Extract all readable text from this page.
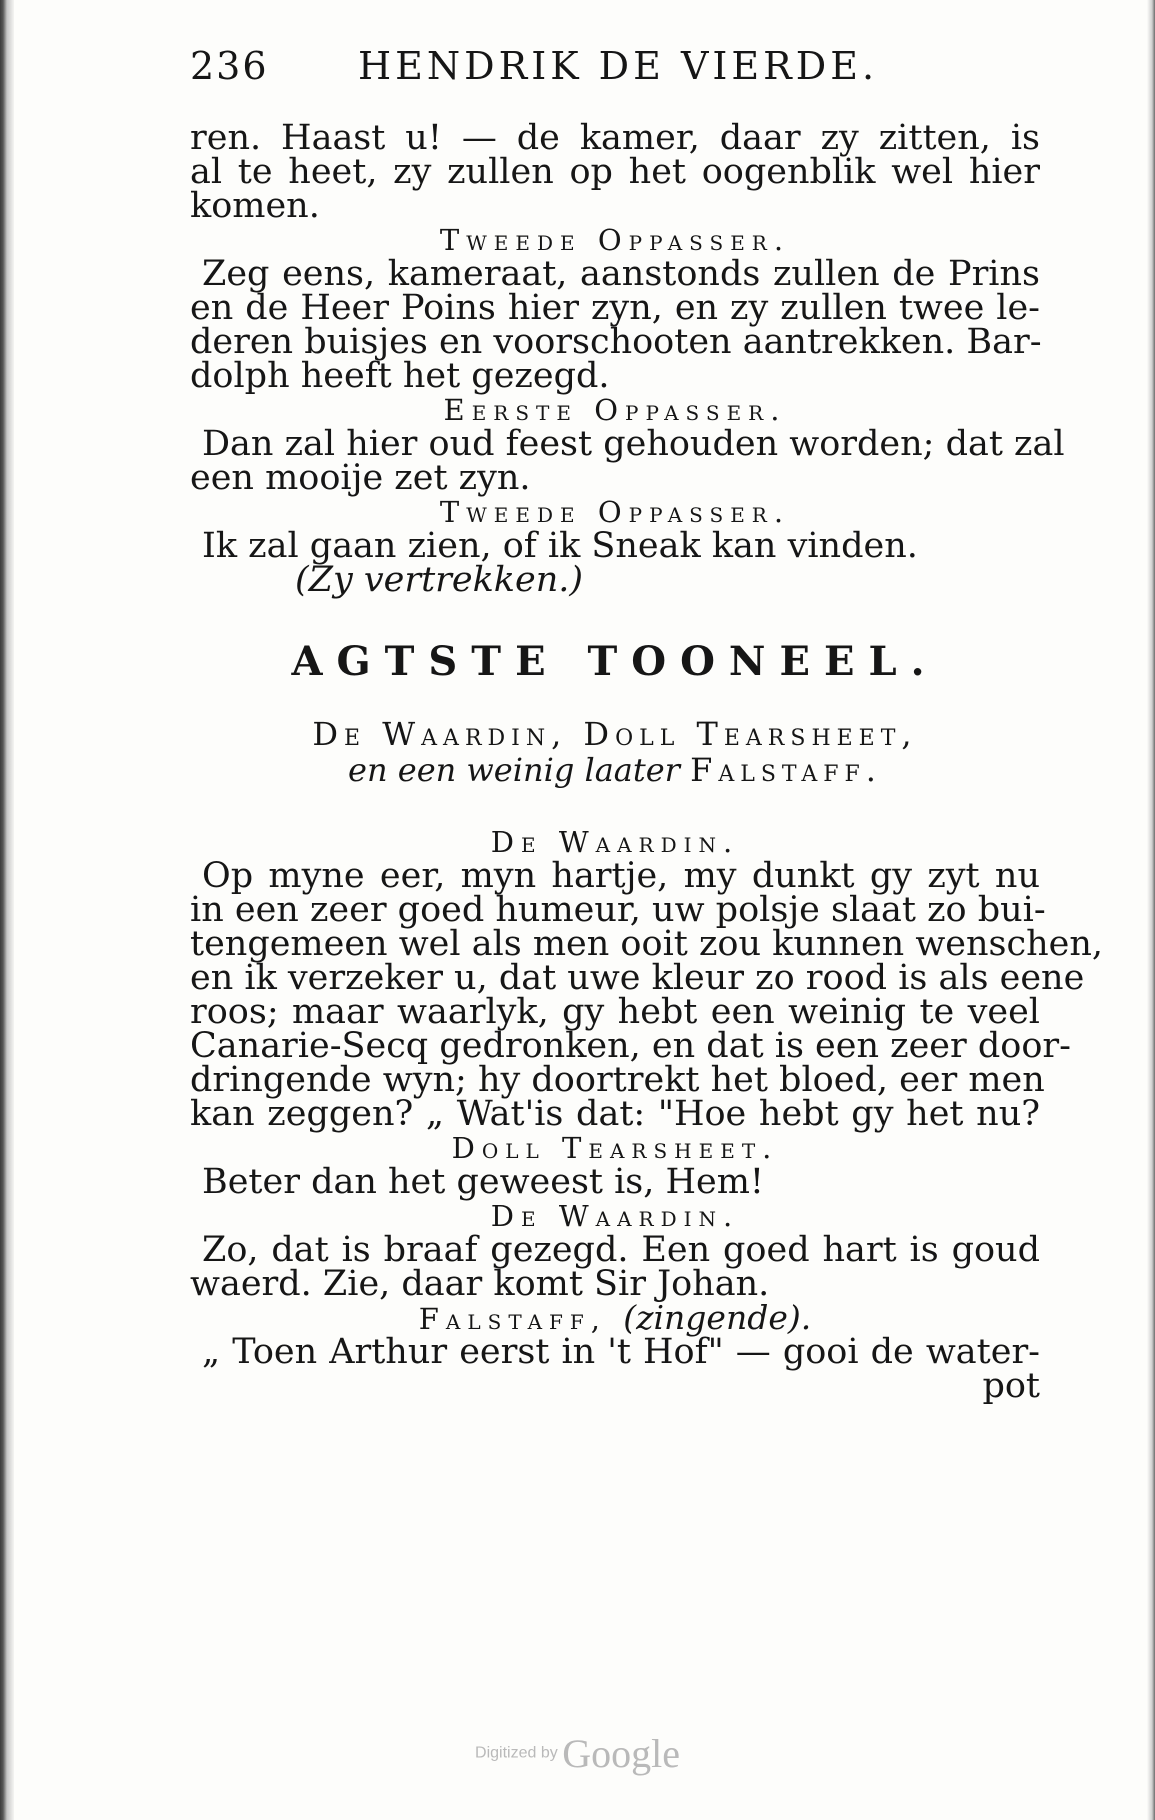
236 HENDRIK DE VIERDE.
ren. Haast u! — de kamer, daar zy zitten, is
al te heet, zy zullen op het oogenblik wel hier
komen.
Tweede Oppasser.
Zeg eens, kameraat, aanstonds zullen de Prins
en de Heer Poins hier zyn, en zy zullen twee le-
deren buisjes en voorschooten aantrekken. Bar-
dolph heeft het gezegd.
Eerste Oppasser.
Dan zal hier oud feest gehouden worden; dat zal
een mooije zet zyn.
Tweede Oppasser.
Ik zal gaan zien, of ik Sneak kan vinden.
(Zy vertrekken.)
AGTSTE TOONEEL.
De Waardin, Doll Tearsheet,
en een weinig laater Falstaff.
De Waardin.
Op myne eer, myn hartje, my dunkt gy zyt nu
in een zeer goed humeur, uw polsje slaat zo bui-
tengemeen wel als men ooit zou kunnen wenschen,
en ik verzeker u, dat uwe kleur zo rood is als eene
roos; maar waarlyk, gy hebt een weinig te veel
Canarie-Secq gedronken, en dat is een zeer door-
dringende wyn; hy doortrekt het bloed, eer men
kan zeggen? „ Wat'is dat: "Hoe hebt gy het nu?
Doll Tearsheet.
Beter dan het geweest is, Hem!
De Waardin.
Zo, dat is braaf gezegd. Een goed hart is goud
waerd. Zie, daar komt Sir Johan.
Falstaff, (zingende).
„ Toen Arthur eerst in 't Hof" — gooi de water-
pot
Digitized by Google
